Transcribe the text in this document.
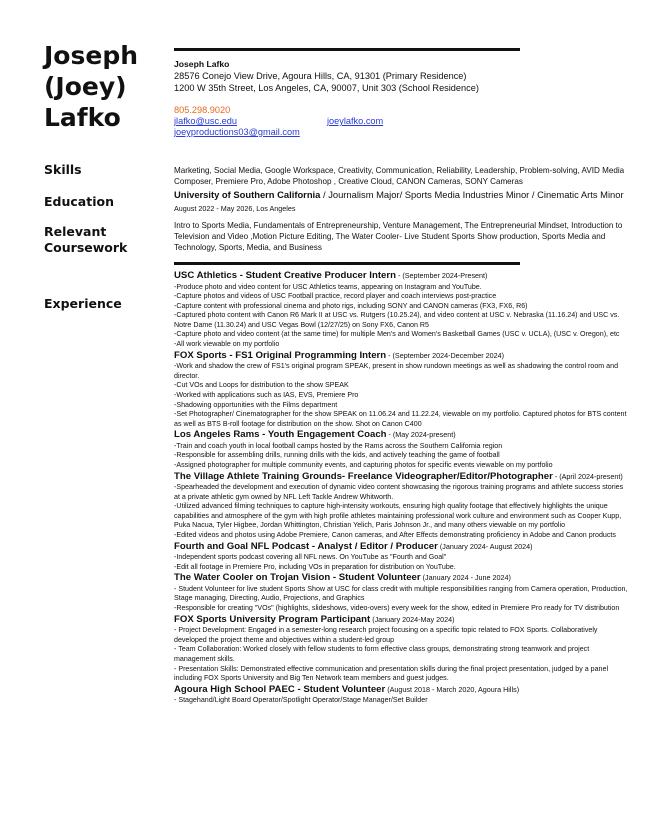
Joseph
(Joey)
Lafko
Joseph Lafko
28576 Conejo View Drive, Agoura Hills, CA, 91301 (Primary Residence)
1200 W 35th Street, Los Angeles, CA, 90007, Unit 303 (School Residence)
805.298.9020
jlafko@usc.edu	joeylafko.com
joeyproductions03@gmail.com
Skills	Marketing, Social Media, Google Workspace, Creativity, Communication, Reliability, Leadership, Problem-solving, AVID Media Composer, Premiere Pro, Adobe Photoshop , Creative Cloud, CANON Cameras, SONY Cameras
Education	University of Southern California / Journalism Major/ Sports Media Industries Minor / Cinematic Arts Minor August 2022 - May 2026, Los Angeles
Relevant
Coursework
Intro to Sports Media, Fundamentals of Entrepreneurship, Venture Management, The Entrepreneurial Mindset, Introduction to Television and Video ,Motion Picture Editing, The Water Cooler- Live Student Sports Show production, Sports Media and Technology, Sports, Media, and Business
Experience
USC Athletics - Student Creative Producer Intern - (September 2024-Present)
-Produce photo and video content for USC Athletics teams, appearing on Instagram and YouTube.
-Capture photos and videos of USC Football practice, record player and coach interviews post-practice
-Capture content with professional cinema and photo rigs, including SONY and CANON cameras (FX3, FX6, R6)
-Captured photo content with Canon R6 Mark II at USC vs. Rutgers (10.25.24), and video content at USC v. Nebraska (11.16.24) and USC vs. Notre Dame (11.30.24) and USC Vegas Bowl (12/27/25) on Sony FX6, Canon R5
-Capture photo and video content (at the same time) for multiple Men's and Women's Basketball Games (USC v. UCLA), (USC v. Oregon), etc
-All work viewable on my portfolio
FOX Sports - FS1 Original Programming Intern - (September 2024-December 2024)
-Work and shadow the crew of FS1's original program SPEAK, present in show rundown meetings as well as shadowing the control room and director.
-Cut VOs and Loops for distribution to the show SPEAK
-Worked with applications such as IAS, EVS, Premiere Pro
-Shadowing opportunities with the Films department
-Set Photographer/ Cinematographer for the show SPEAK on 11.06.24 and 11.22.24, viewable on my portfolio. Captured photos for BTS content as well as BTS B-roll footage for distribution on the show. Shot on Canon C400
Los Angeles Rams - Youth Engagement Coach - (May 2024-present)
-Train and coach youth in local football camps hosted by the Rams across the Southern California region
-Responsible for assembling drills, running drills with the kids, and actively teaching the game of football
-Assigned photographer for multiple community events, and capturing photos for specific events viewable on my portfolio
The Village Athlete Training Grounds- Freelance Videographer/Editor/Photographer - (April 2024-present)
-Spearheaded the development and execution of dynamic video content showcasing the rigorous training programs and athlete success stories at a private athletic gym owned by NFL Left Tackle Andrew Whitworth.
-Utilized advanced filming techniques to capture high-intensity workouts, ensuring high quality footage that effectively highlights the unique capabilities and atmosphere of the gym with high profile athletes maintaining professional work culture and environment such as Cooper Kupp, Puka Nacua, Tyler Higbee, Jordan Whittington, Christian Yelich, Paris Johnson Jr., and many others viewable on my portfolio
-Edited videos and photos using Adobe Premiere, Canon cameras, and After Effects demonstrating proficiency in Adobe and Canon products
Fourth and Goal NFL Podcast - Analyst / Editor / Producer (January 2024- August 2024)
-Independent sports podcast covering all NFL news. On YouTube as "Fourth and Goal"
-Edit all footage in Premiere Pro, including VOs in preparation for distribution on YouTube.
The Water Cooler on Trojan Vision - Student Volunteer (January 2024 - June 2024)
- Student Volunteer for live student Sports Show at USC for class credit with multiple responsibilities ranging from Camera operation, Production, Stage managing, Directing, Audio, Projections, and Graphics
-Responsible for creating "VOs" (highlights, slideshows, video-overs) every week for the show, edited in Premiere Pro ready for TV distribution
FOX Sports University Program Participant (January 2024-May 2024)
- Project Development: Engaged in a semester-long research project focusing on a specific topic related to FOX Sports. Collaboratively developed the project theme and objectives within a student-led group
- Team Collaboration: Worked closely with fellow students to form effective class groups, demonstrating strong teamwork and project management skills.
- Presentation Skills: Demonstrated effective communication and presentation skills during the final project presentation, judged by a panel including FOX Sports University and Big Ten Network team members and guest judges.
Agoura High School PAEC - Student Volunteer (August 2018 - March 2020, Agoura Hills)
- Stagehand/Light Board Operator/Spotlight Operator/Stage Manager/Set Builder
